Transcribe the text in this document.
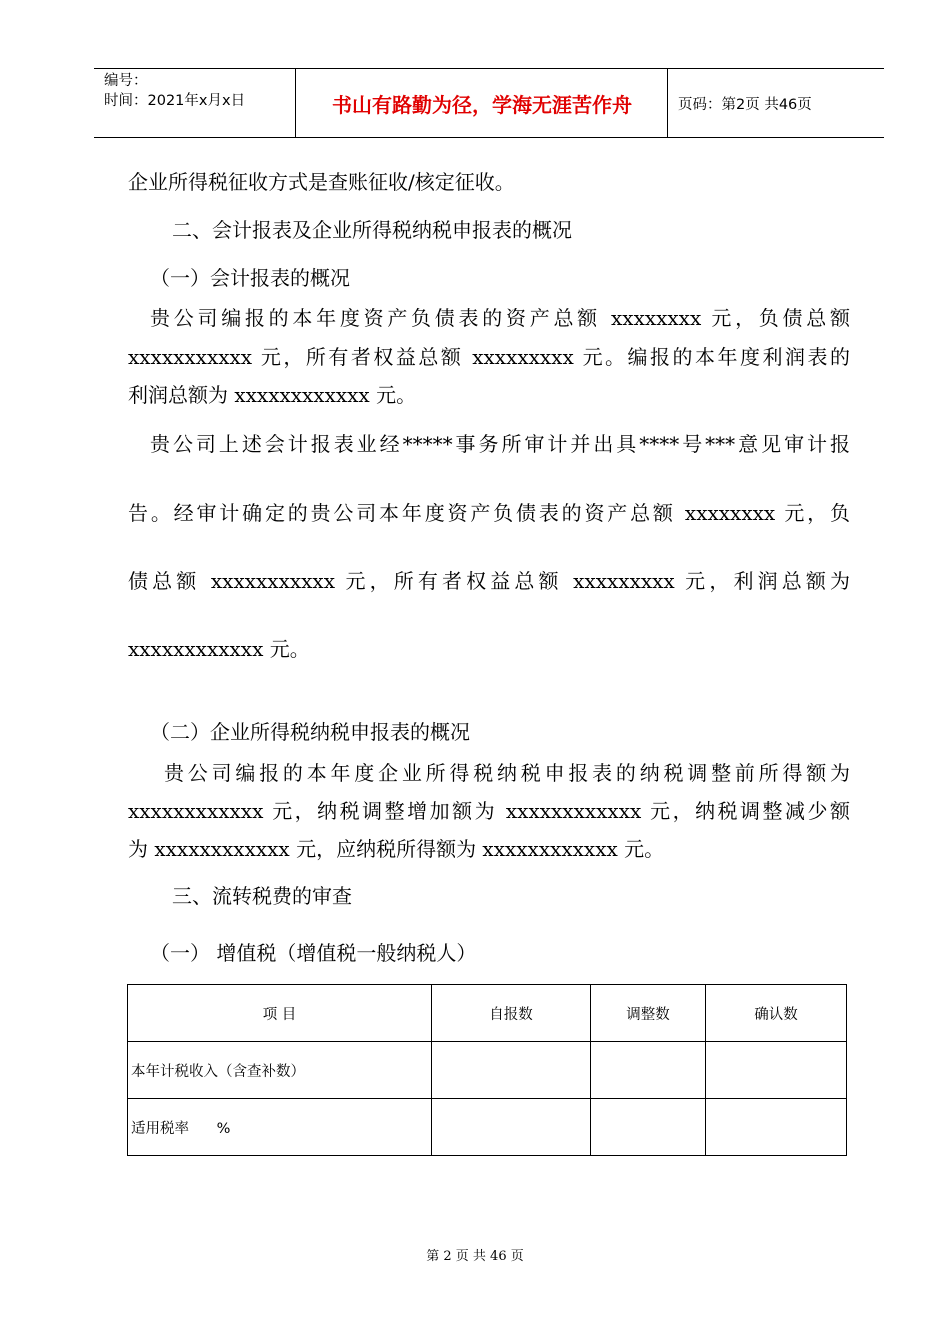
编号：
时间：2021年x月x日	书山有路勤为径，学海无涯苦作舟	页码：第2页 共46页
企业所得税征收方式是查账征收/核定征收。
二、会计报表及企业所得税纳税申报表的概况
（一）会计报表的概况
贵公司编报的本年度资产负债表的资产总额 xxxxxxxx 元，负债总额
xxxxxxxxxxx 元，所有者权益总额 xxxxxxxxx 元。编报的本年度利润表的
利润总额为 xxxxxxxxxxxx 元。
贵公司上述会计报表业经*****事务所审计并出具****号***意见审计报
告。经审计确定的贵公司本年度资产负债表的资产总额 xxxxxxxx 元，负
债总额 xxxxxxxxxxx 元，所有者权益总额 xxxxxxxxx 元，利润总额为
xxxxxxxxxxxx 元。
（二）企业所得税纳税申报表的概况
贵公司编报的本年度企业所得税纳税申报表的纳税调整前所得额为
xxxxxxxxxxxx 元，纳税调整增加额为 xxxxxxxxxxxx 元，纳税调整减少额
为 xxxxxxxxxxxx 元，应纳税所得额为 xxxxxxxxxxxx 元。
三、流转税费的审查
（一） 增值税（增值税一般纳税人）
项 目	自报数	调整数	确认数
本年计税收入（含查补数）			
适用税率      %			
第 2 页 共 46 页
